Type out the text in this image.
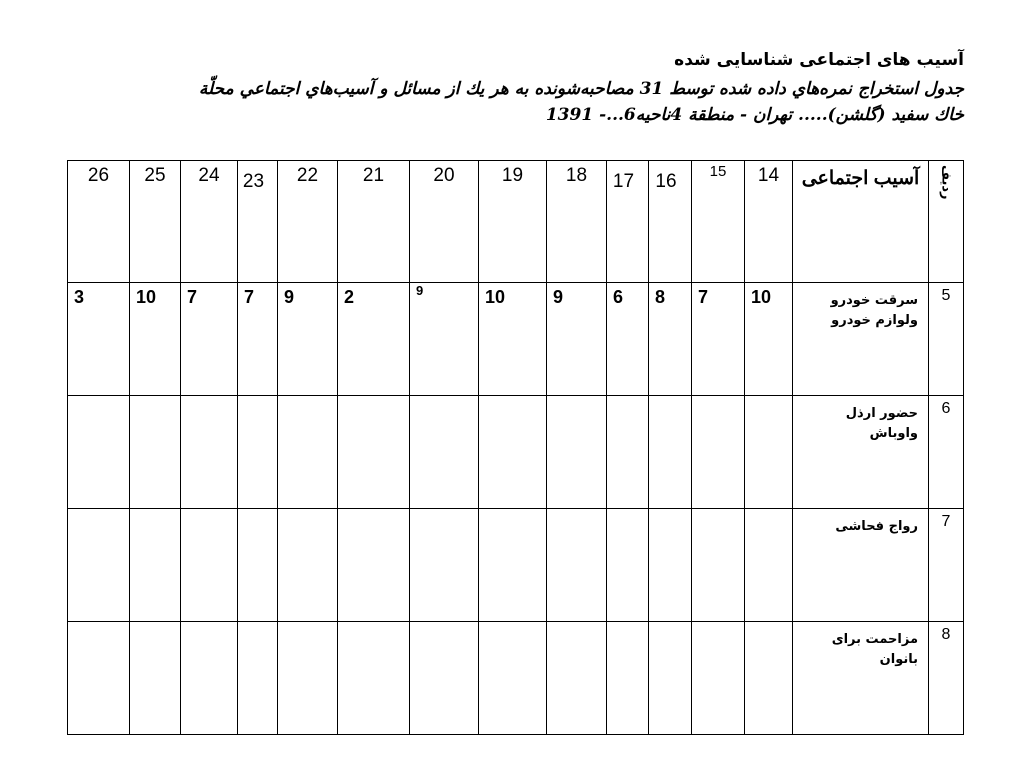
آسیب های اجتماعی شناسایی شده

جدول استخراج نمره‌هاي داده شده توسط 31 مصاحبه‌شونده به هر يك از مسائل و آسيب‌هاي اجتماعي محلّة
خاك سفيد (گلشن)..... تهران - منطقة 4ناحيه6...- 1391

ردیف	آسیب اجتماعی	14	15	16	17	18	19	20	21	22	23	24	25	26
5	سرقت خودرو ولوازم خودرو	10	7	8	6	9	10	9	2	9	7	7	10	3
6	حضور ارذل واوباش													
7	رواج فحاشی													
8	مزاحمت برای بانوان													
